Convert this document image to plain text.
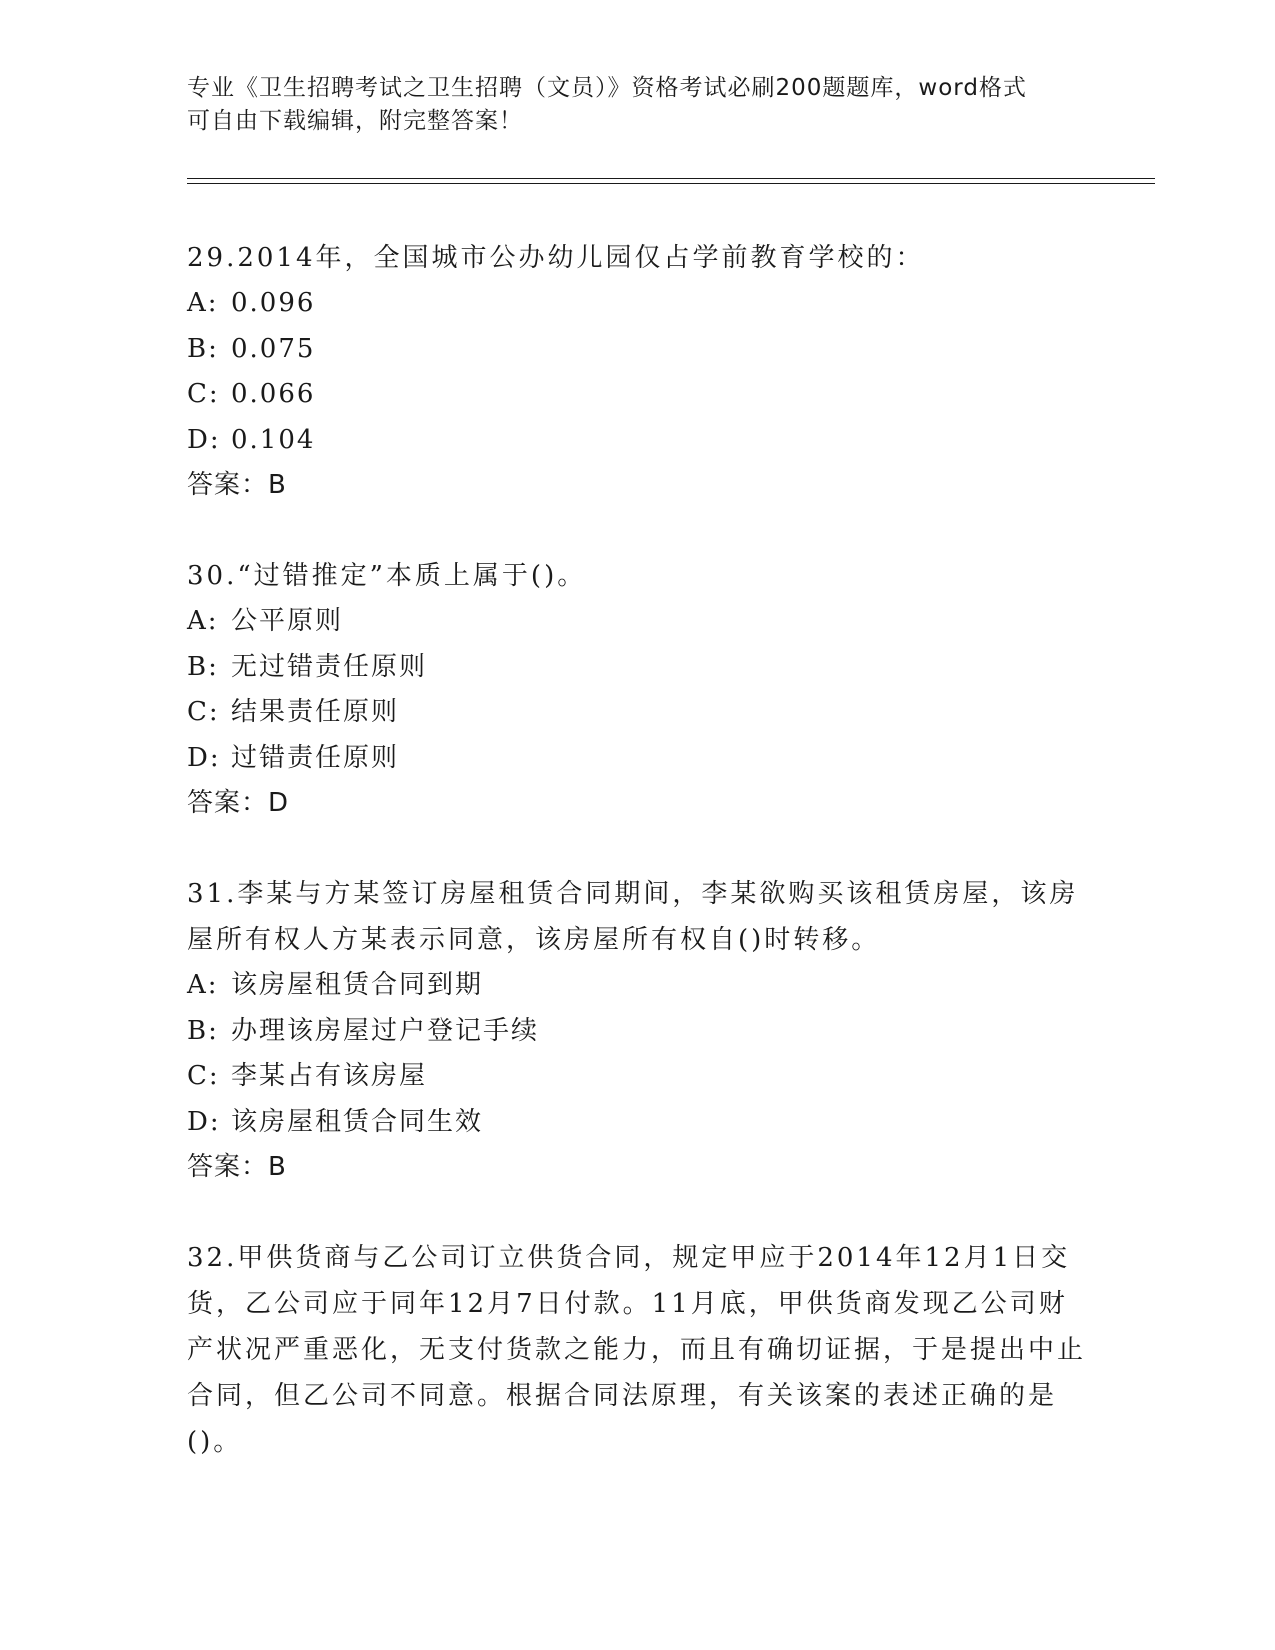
专业《卫生招聘考试之卫生招聘（文员）》资格考试必刷200题题库，word格式
可自由下载编辑，附完整答案！
29.2014年，全国城市公办幼儿园仅占学前教育学校的：
A: 0.096
B: 0.075
C: 0.066
D: 0.104
答案：B
30.“过错推定”本质上属于()。
A: 公平原则
B: 无过错责任原则
C: 结果责任原则
D: 过错责任原则
答案：D
31.李某与方某签订房屋租赁合同期间，李某欲购买该租赁房屋，该房屋所有权人方某表示同意，该房屋所有权自()时转移。
A: 该房屋租赁合同到期
B: 办理该房屋过户登记手续
C: 李某占有该房屋
D: 该房屋租赁合同生效
答案：B
32.甲供货商与乙公司订立供货合同，规定甲应于2014年12月1日交货，乙公司应于同年12月7日付款。11月底，甲供货商发现乙公司财产状况严重恶化，无支付货款之能力，而且有确切证据，于是提出中止合同，但乙公司不同意。根据合同法原理，有关该案的表述正确的是()。
